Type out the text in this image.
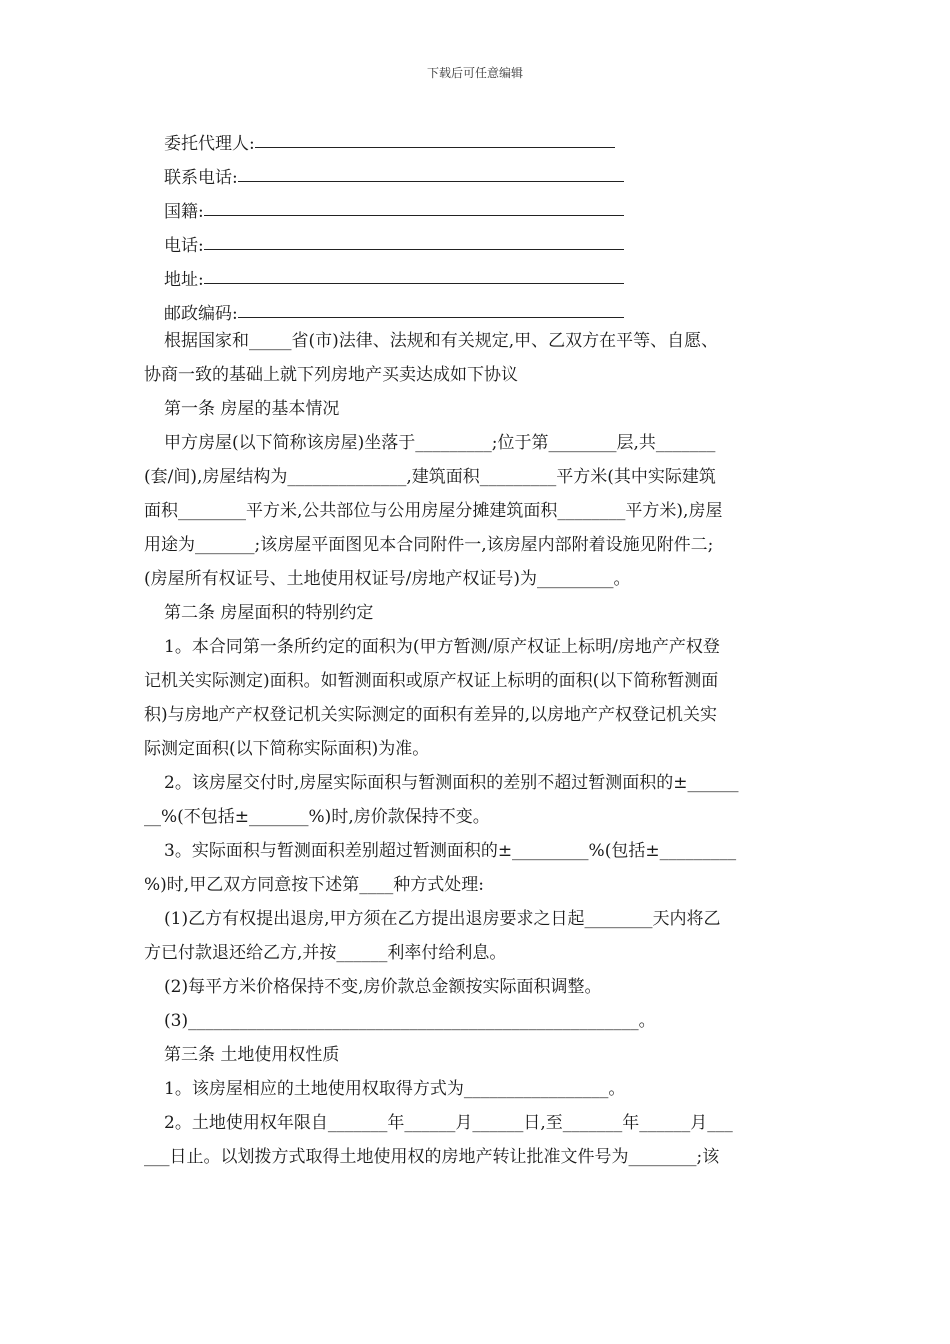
下载后可任意编辑
委托代理人:
联系电话:
国籍:
电话:
地址:
邮政编码:
根据国家和_____省(市)法律、法规和有关规定,甲、乙双方在平等、自愿、
协商一致的基础上就下列房地产买卖达成如下协议
第一条 房屋的基本情况
甲方房屋(以下简称该房屋)坐落于_________;位于第________层,共_______
(套/间),房屋结构为______________,建筑面积_________平方米(其中实际建筑
面积________平方米,公共部位与公用房屋分摊建筑面积________平方米),房屋
用途为_______;该房屋平面图见本合同附件一,该房屋内部附着设施见附件二;
(房屋所有权证号、土地使用权证号/房地产权证号)为_________。
第二条 房屋面积的特别约定
1。本合同第一条所约定的面积为(甲方暂测/原产权证上标明/房地产产权登
记机关实际测定)面积。如暂测面积或原产权证上标明的面积(以下简称暂测面
积)与房地产产权登记机关实际测定的面积有差异的,以房地产产权登记机关实
际测定面积(以下简称实际面积)为准。
2。该房屋交付时,房屋实际面积与暂测面积的差别不超过暂测面积的±______
__%(不包括±_______%)时,房价款保持不变。
3。实际面积与暂测面积差别超过暂测面积的±_________%(包括±_________
%)时,甲乙双方同意按下述第____种方式处理:
(1)乙方有权提出退房,甲方须在乙方提出退房要求之日起________天内将乙
方已付款退还给乙方,并按______利率付给利息。
(2)每平方米价格保持不变,房价款总金额按实际面积调整。
(3)_____________________________________________________。
第三条 土地使用权性质
1。该房屋相应的土地使用权取得方式为_________________。
2。土地使用权年限自_______年______月______日,至_______年______月___
___日止。以划拨方式取得土地使用权的房地产转让批准文件号为________;该
